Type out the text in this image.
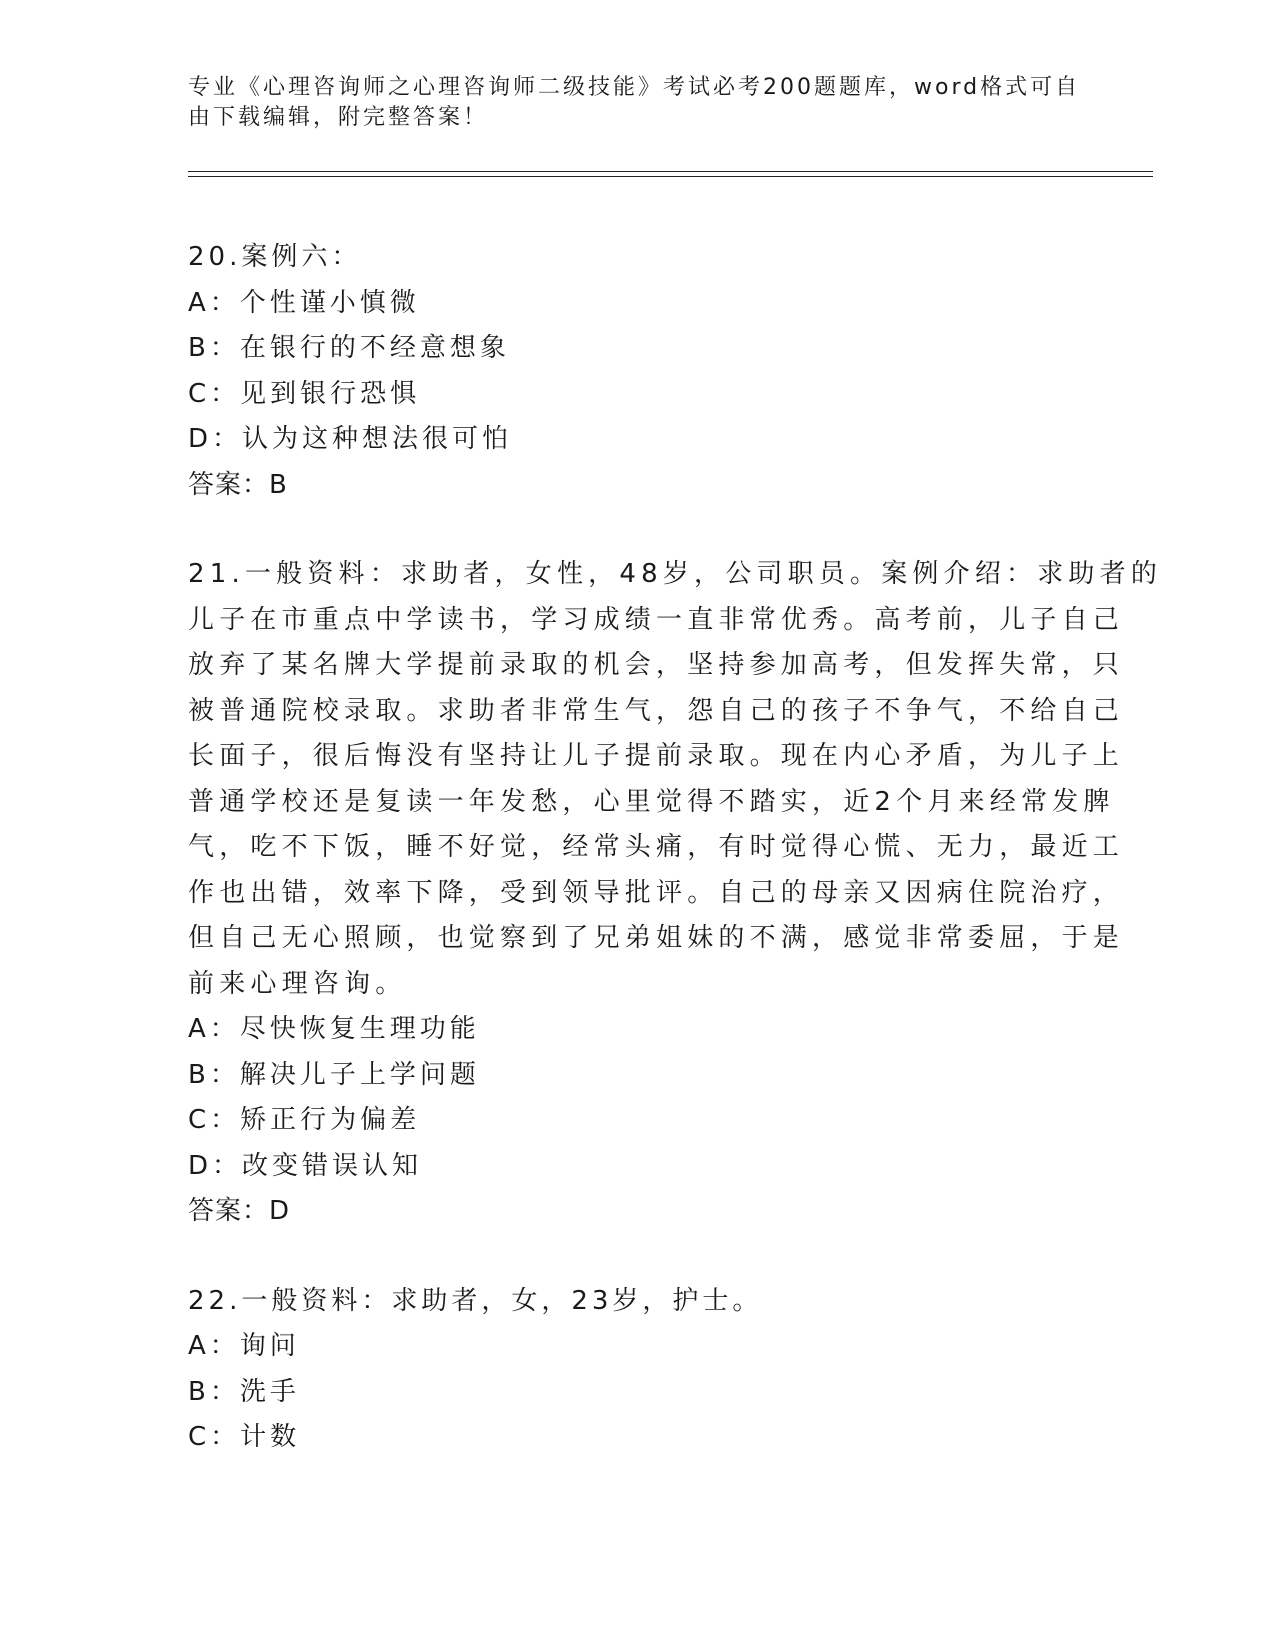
专业《心理咨询师之心理咨询师二级技能》考试必考200题题库，word格式可自
由下载编辑，附完整答案！
20.案例六：
A：个性谨小慎微
B：在银行的不经意想象
C：见到银行恐惧
D：认为这种想法很可怕
答案：B
21.一般资料：求助者，女性，48岁，公司职员。案例介绍：求助者的
儿子在市重点中学读书，学习成绩一直非常优秀。高考前，儿子自己
放弃了某名牌大学提前录取的机会，坚持参加高考，但发挥失常，只
被普通院校录取。求助者非常生气，怨自己的孩子不争气，不给自己
长面子，很后悔没有坚持让儿子提前录取。现在内心矛盾，为儿子上
普通学校还是复读一年发愁，心里觉得不踏实，近2个月来经常发脾
气，吃不下饭，睡不好觉，经常头痛，有时觉得心慌、无力，最近工
作也出错，效率下降，受到领导批评。自己的母亲又因病住院治疗，
但自己无心照顾，也觉察到了兄弟姐妹的不满，感觉非常委屈，于是
前来心理咨询。
A：尽快恢复生理功能
B：解决儿子上学问题
C：矫正行为偏差
D：改变错误认知
答案：D
22.一般资料：求助者，女，23岁，护士。
A：询问
B：洗手
C：计数
